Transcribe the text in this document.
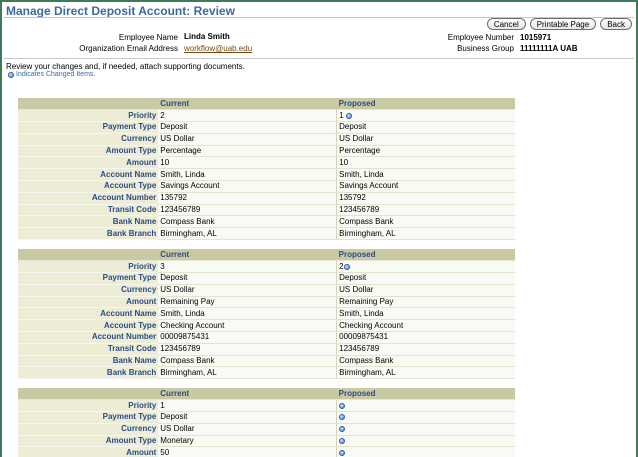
Manage Direct Deposit Account: Review
Cancel	Printable Page	Back
Employee Name Linda Smith
Organization Email Address workflow@uab.edu
Employee Number 1015971
Business Group 11111111A UAB
Review your changes and, if needed, attach supporting documents.
Indicates Changed Items.
	Current	Proposed
Priority	2	1
Payment Type	Deposit	Deposit
Currency	US Dollar	US Dollar
Amount Type	Percentage	Percentage
Amount	10	10
Account Name	Smith, Linda	Smith, Linda
Account Type	Savings Account	Savings Account
Account Number	135792	135792
Transit Code	123456789	123456789
Bank Name	Compass Bank	Compass Bank
Bank Branch	Birmingham, AL	Birmingham, AL
	Current	Proposed
Priority	3	2
Payment Type	Deposit	Deposit
Currency	US Dollar	US Dollar
Amount	Remaining Pay	Remaining Pay
Account Name	Smith, Linda	Smith, Linda
Account Type	Checking Account	Checking Account
Account Number	00009875431	00009875431
Transit Code	123456789	123456789
Bank Name	Compass Bank	Compass Bank
Bank Branch	Birmingham, AL	Birmingham, AL
	Current	Proposed
Priority	1	
Payment Type	Deposit	
Currency	US Dollar	
Amount Type	Monetary	
Amount	50	
